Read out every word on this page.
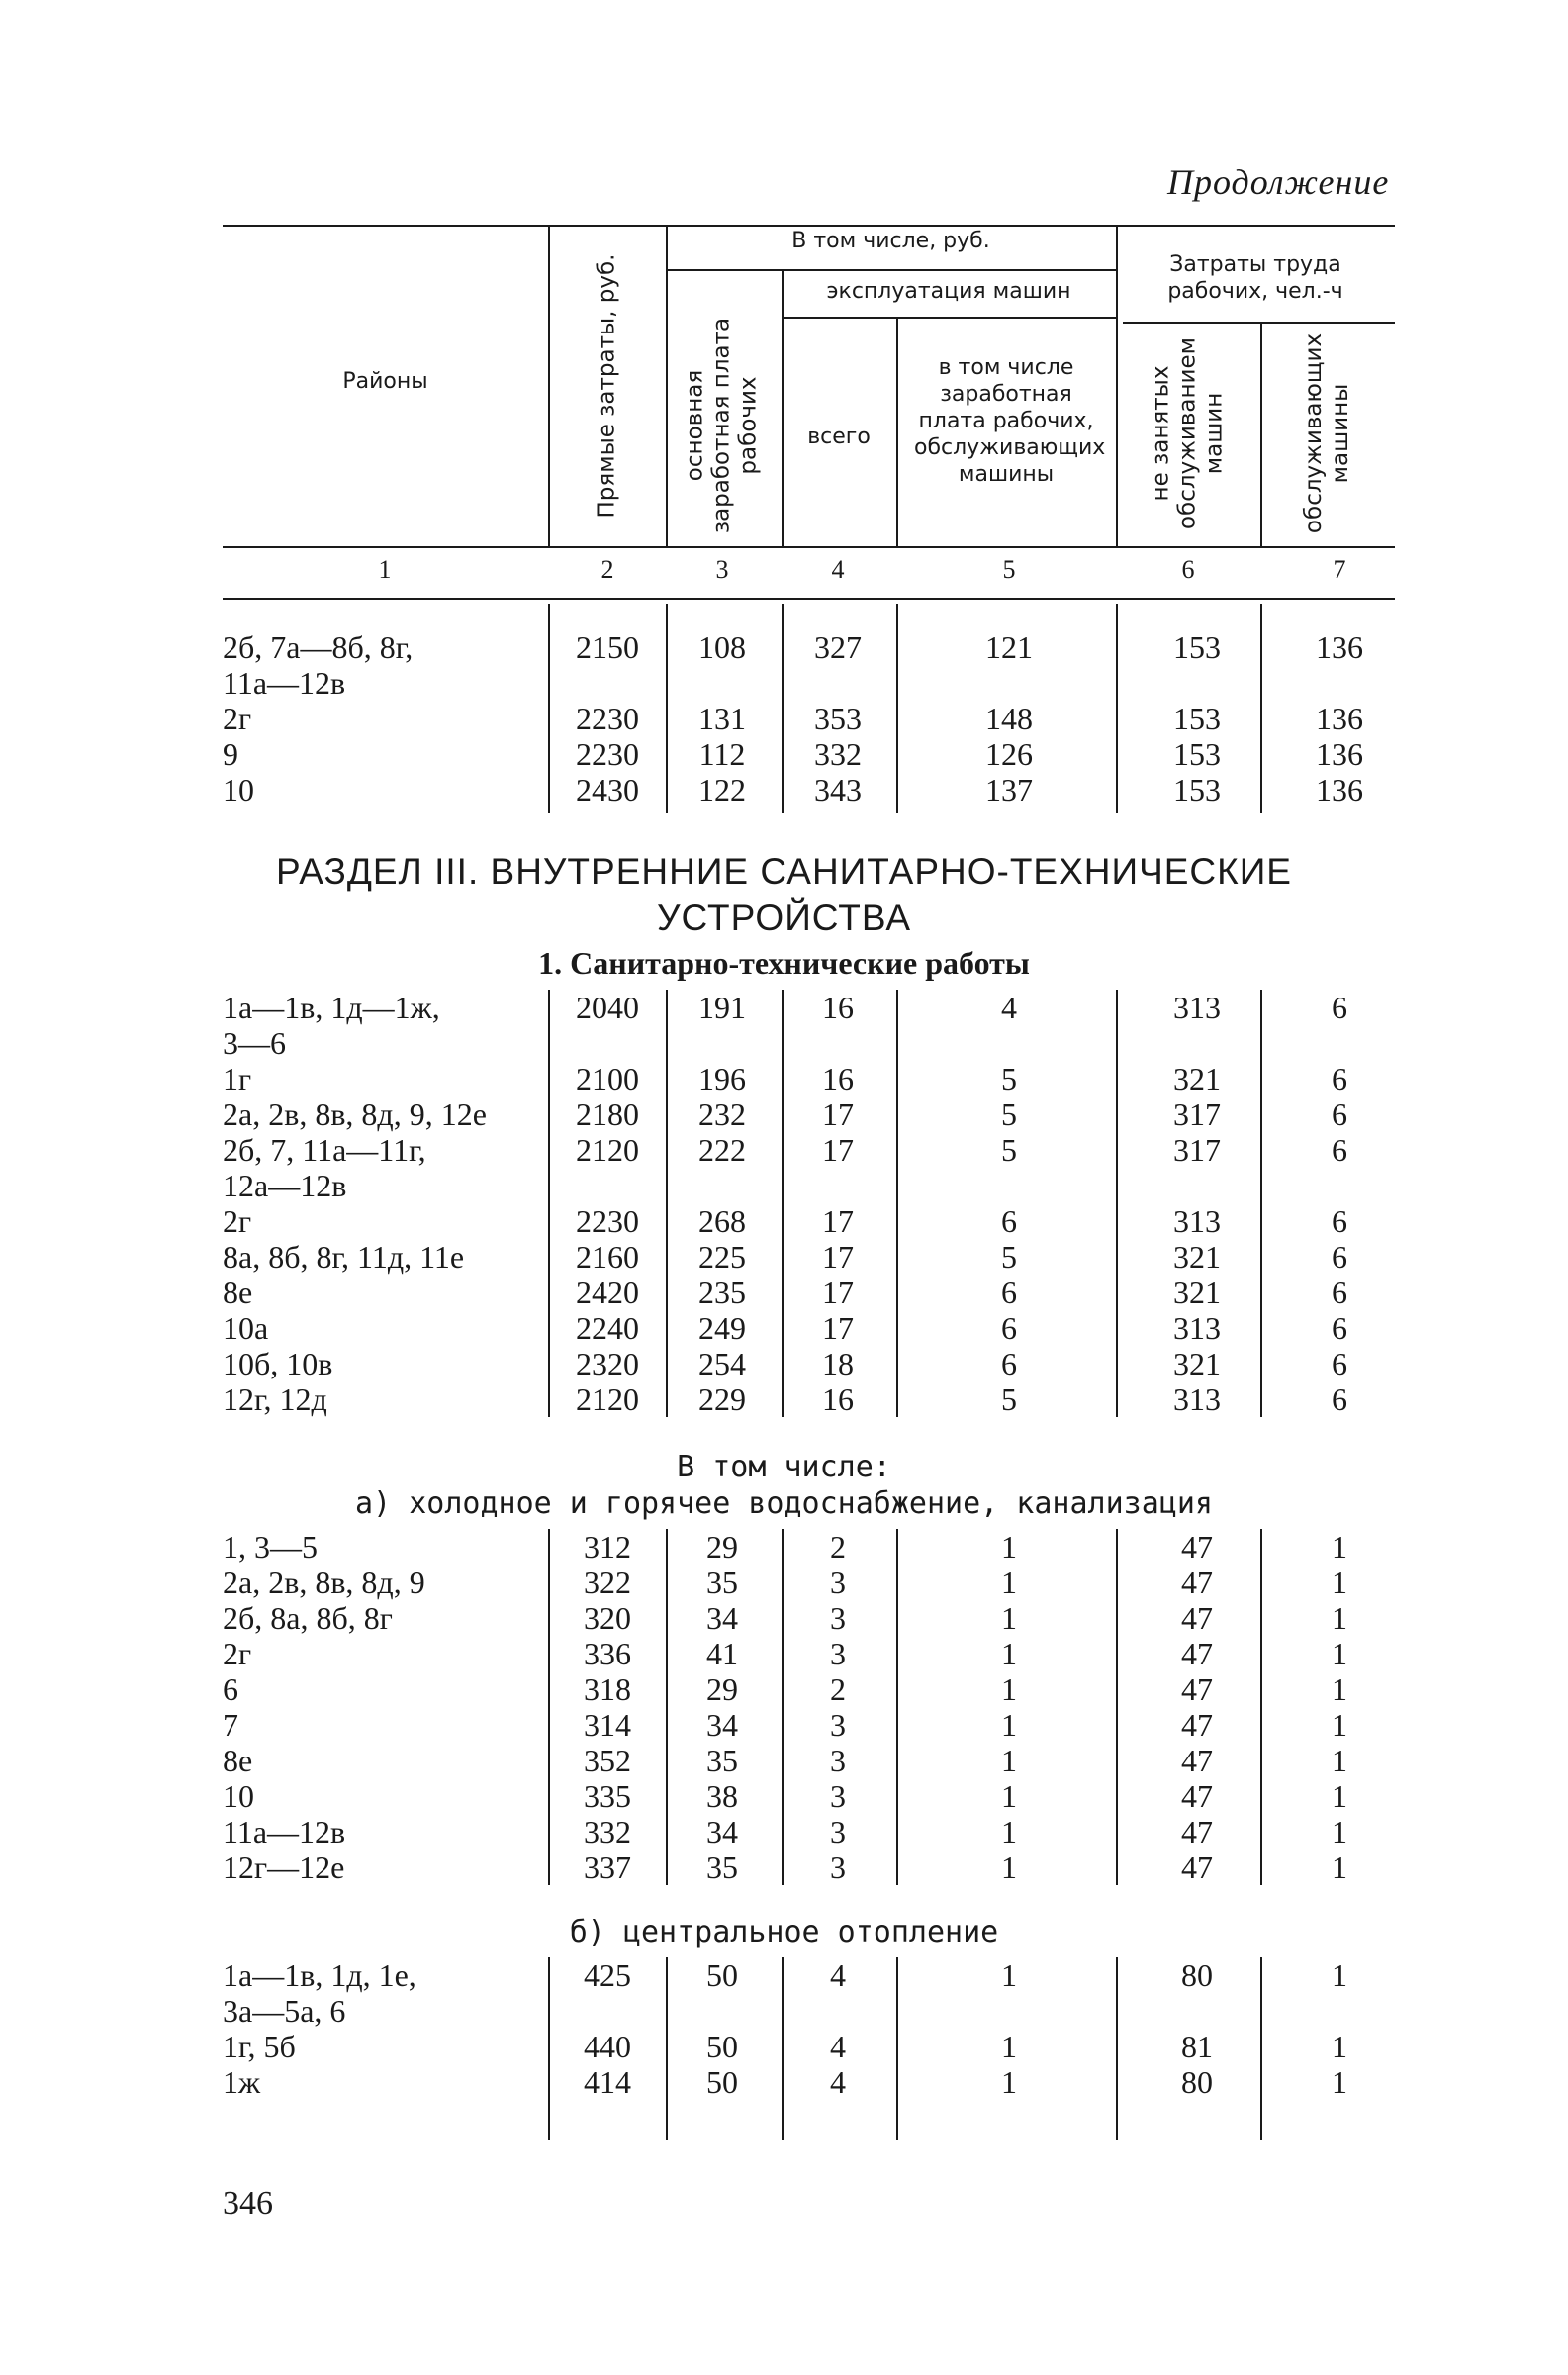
Продолжение
Районы	Прямые затраты, руб.
В том числе, руб.
основная заработная плата рабочих
эксплуатация машин
всего
в том числе заработная плата рабочих, обслуживающих машины
Затраты труда рабочих, чел.-ч
не занятых обслуживанием машин	обслуживающих машины
1	2	3	4	5	6	7
2б, 7а—8б, 8г,	2150	108	327	121	153	136
11а—12в
2г	2230	131	353	148	153	136
9	2230	112	332	126	153	136
10	2430	122	343	137	153	136
РАЗДЕЛ III. ВНУТРЕННИЕ САНИТАРНО-ТЕХНИЧЕСКИЕ
УСТРОЙСТВА
1. Санитарно-технические работы
1а—1в, 1д—1ж,	2040	191	16	4	313	6
3—6
1г	2100	196	16	5	321	6
2а, 2в, 8в, 8д, 9, 12е	2180	232	17	5	317	6
2б, 7, 11а—11г,	2120	222	17	5	317	6
12а—12в
2г	2230	268	17	6	313	6
8а, 8б, 8г, 11д, 11е	2160	225	17	5	321	6
8е	2420	235	17	6	321	6
10а	2240	249	17	6	313	6
10б, 10в	2320	254	18	6	321	6
12г, 12д	2120	229	16	5	313	6
В том числе:
а) холодное и горячее водоснабжение, канализация
1, 3—5	312	29	2	1	47	1
2а, 2в, 8в, 8д, 9	322	35	3	1	47	1
2б, 8а, 8б, 8г	320	34	3	1	47	1
2г	336	41	3	1	47	1
6	318	29	2	1	47	1
7	314	34	3	1	47	1
8е	352	35	3	1	47	1
10	335	38	3	1	47	1
11а—12в	332	34	3	1	47	1
12г—12е	337	35	3	1	47	1
б) центральное отопление
1а—1в, 1д, 1е,	425	50	4	1	80	1
3а—5а, 6
1г, 5б	440	50	4	1	81	1
1ж	414	50	4	1	80	1
346
